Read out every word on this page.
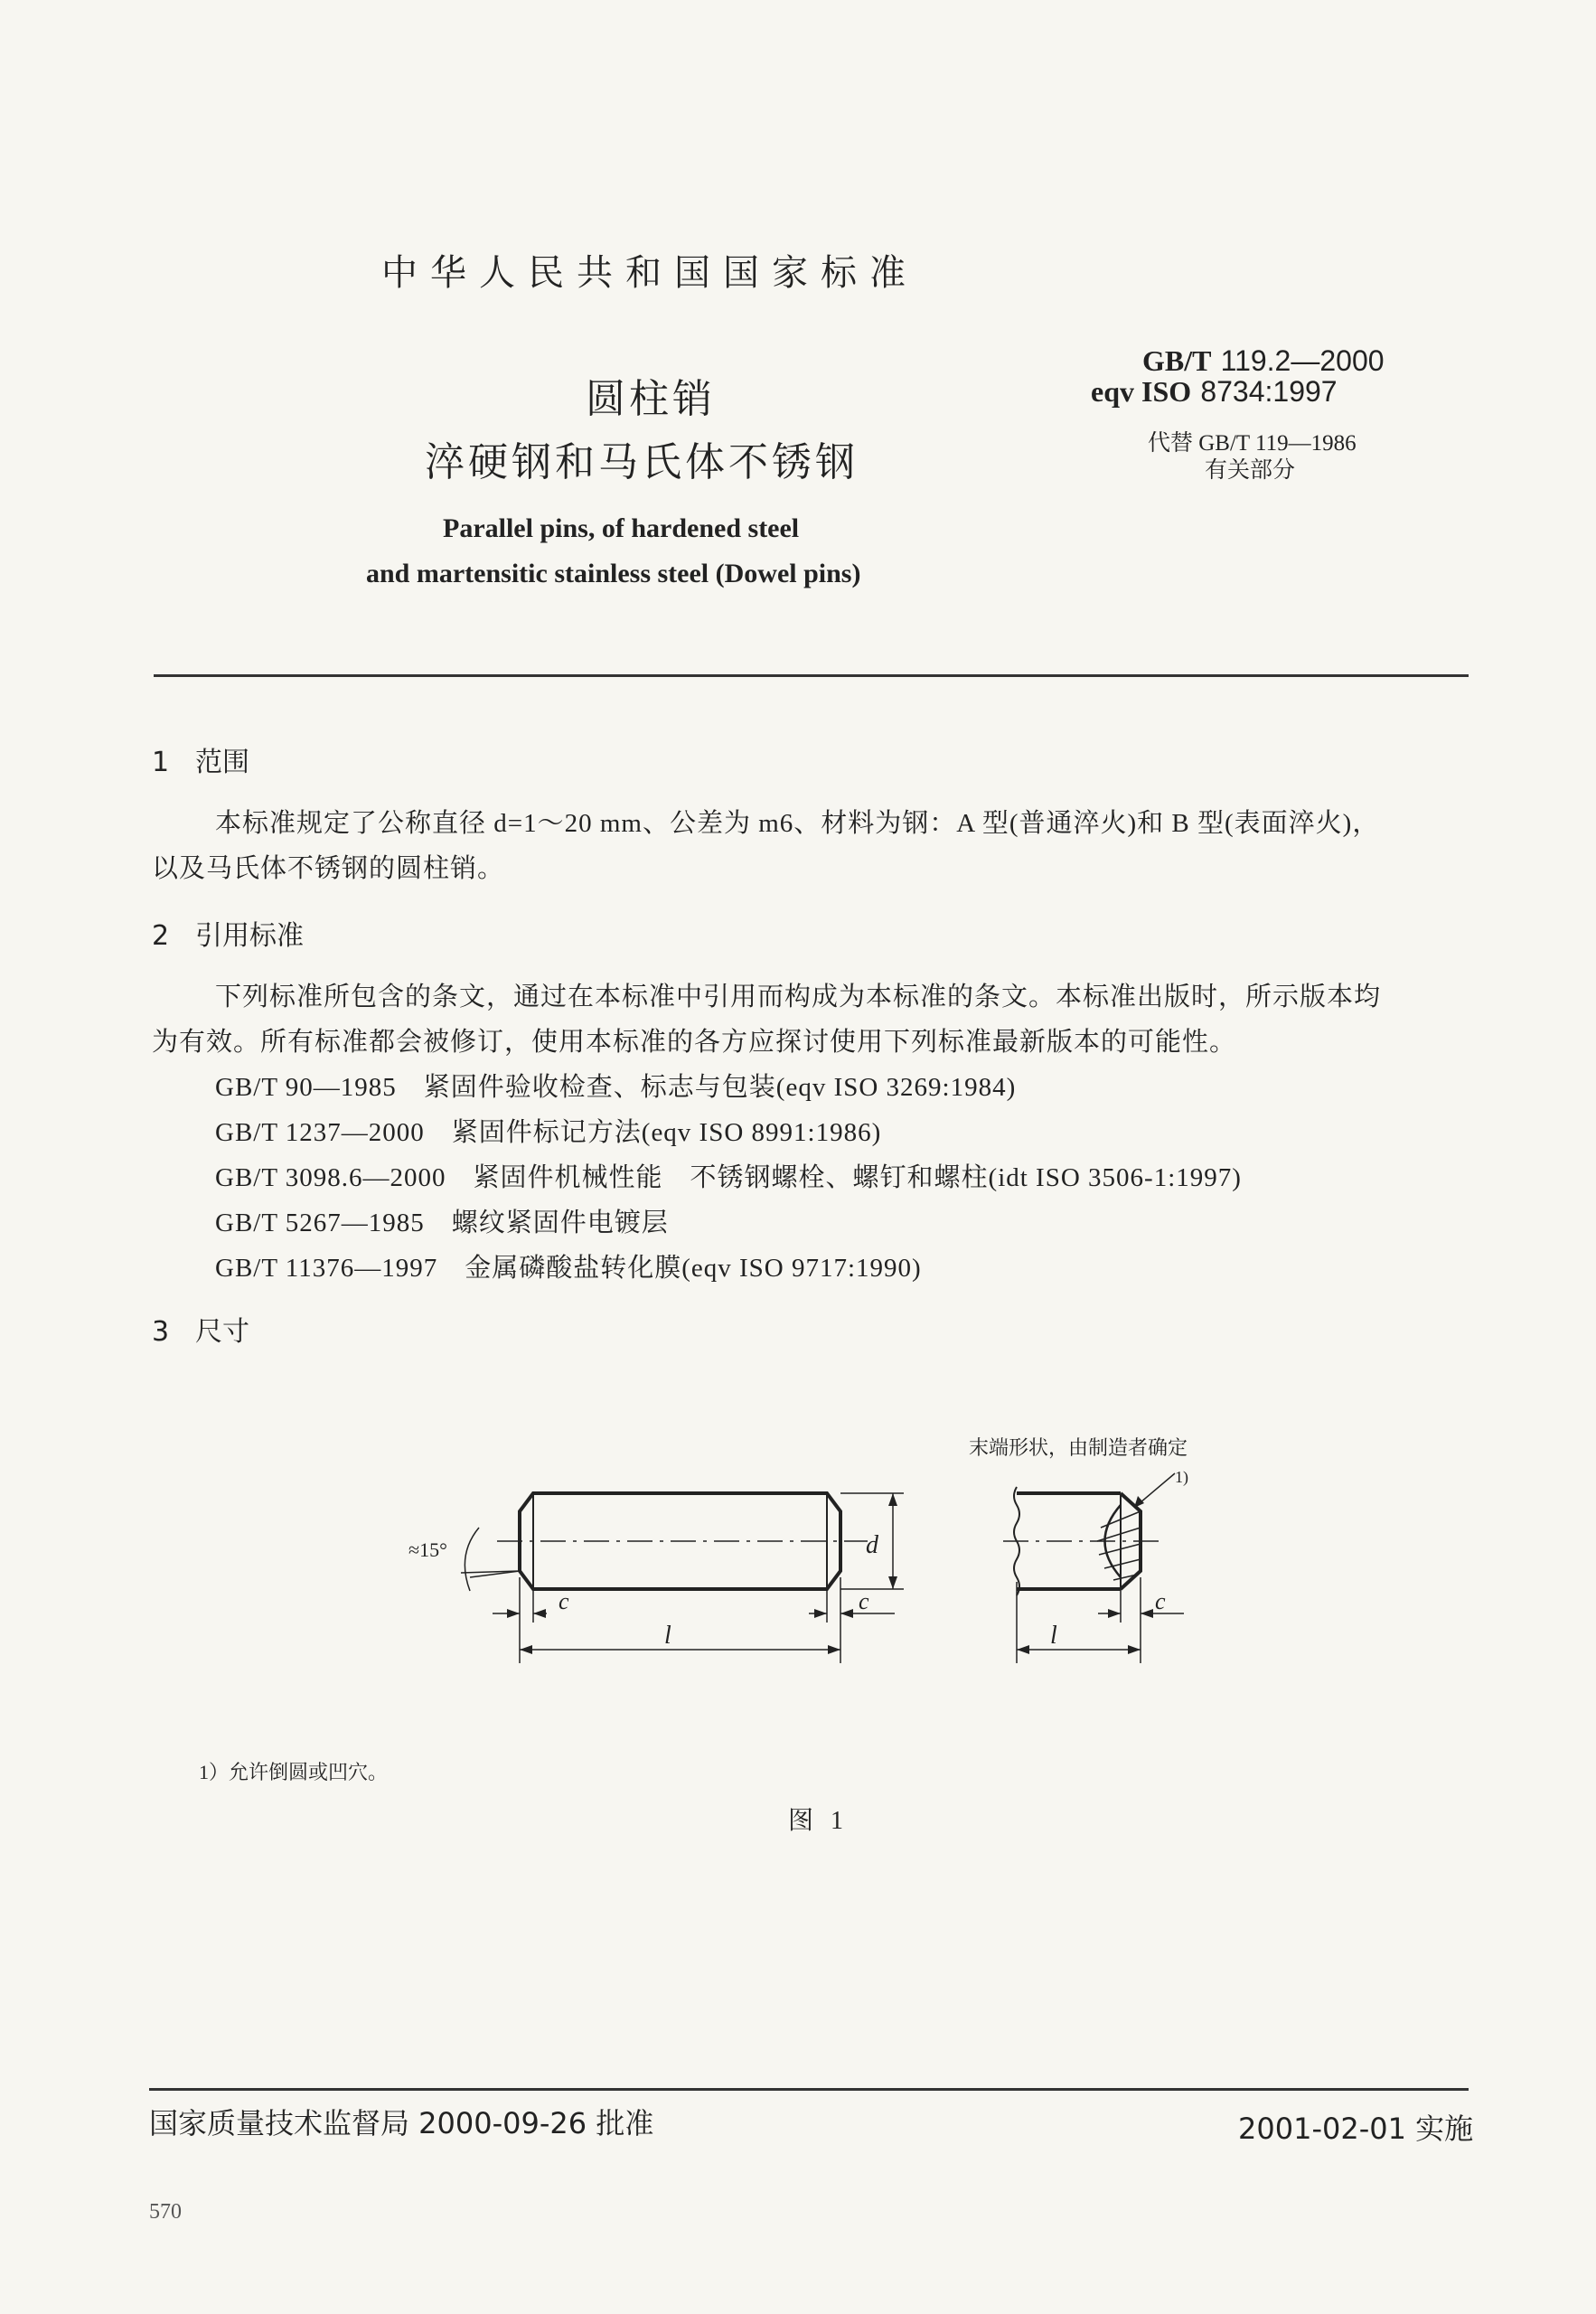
中华人民共和国国家标准
圆柱销
淬硬钢和马氏体不锈钢
Parallel pins, of hardened steel
and martensitic stainless steel (Dowel pins)
GB/T 119.2—2000
eqv ISO 8734:1997
代替 GB/T 119—1986
有关部分
1 范围
本标准规定了公称直径 d=1～20 mm、公差为 m6、材料为钢：A 型(普通淬火)和 B 型(表面淬火)，
以及马氏体不锈钢的圆柱销。
2 引用标准
下列标准所包含的条文，通过在本标准中引用而构成为本标准的条文。本标准出版时，所示版本均
为有效。所有标准都会被修订，使用本标准的各方应探讨使用下列标准最新版本的可能性。
GB/T 90—1985　紧固件验收检查、标志与包装(eqv ISO 3269:1984)
GB/T 1237—2000　紧固件标记方法(eqv ISO 8991:1986)
GB/T 3098.6—2000　紧固件机械性能　不锈钢螺栓、螺钉和螺柱(idt ISO 3506-1:1997)
GB/T 5267—1985　螺纹紧固件电镀层
GB/T 11376—1997　金属磷酸盐转化膜(eqv ISO 9717:1990)
3 尺寸
末端形状，由制造者确定
d
c	c
l
≈15°
1)
c
l
1）允许倒圆或凹穴。
图 1
国家质量技术监督局 2000-09-26 批准	2001-02-01 实施
570
